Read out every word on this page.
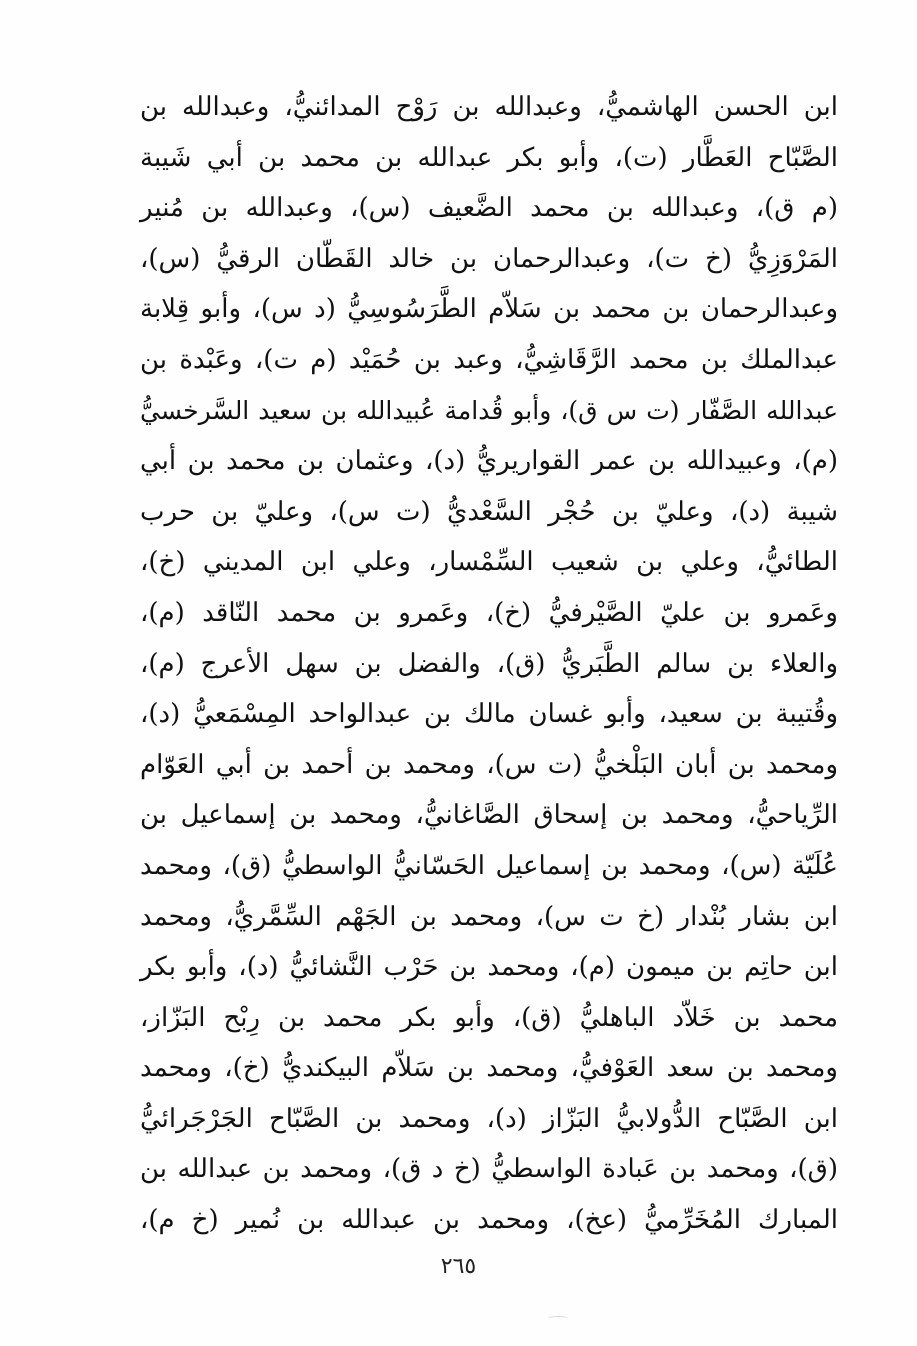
ابن الحسن الهاشميُّ، وعبدالله بن رَوْح المدائنيُّ، وعبدالله بن
الصَّبّاح العَطَّار (ت)، وأبو بكر عبدالله بن محمد بن أبي شَيبة
(م ق)، وعبدالله بن محمد الضَّعيف (س)، وعبدالله بن مُنير
المَرْوَزِيُّ (خ ت)، وعبدالرحمان بن خالد القَطّان الرقيُّ (س)،
وعبدالرحمان بن محمد بن سَلاّم الطَّرَسُوسِيُّ (د س)، وأبو قِلابة
عبدالملك بن محمد الرَّقَاشِيُّ، وعبد بن حُمَيْد (م ت)، وعَبْدة بن
عبدالله الصَّفّار (ت س ق)، وأبو قُدامة عُبيدالله بن سعيد السَّرخسيُّ
(م)، وعبيدالله بن عمر القواريريُّ (د)، وعثمان بن محمد بن أبي
شيبة (د)، وعليّ بن حُجْر السَّعْديُّ (ت س)، وعليّ بن حرب
الطائيُّ، وعلي بن شعيب السِّمْسار، وعلي ابن المديني (خ)،
وعَمرو بن عليّ الصَّيْرفيُّ (خ)، وعَمرو بن محمد النّاقد (م)،
والعلاء بن سالم الطَّبَريُّ (ق)، والفضل بن سهل الأعرج (م)،
وقُتيبة بن سعيد، وأبو غسان مالك بن عبدالواحد المِسْمَعيُّ (د)،
ومحمد بن أبان البَلْخيُّ (ت س)، ومحمد بن أحمد بن أبي العَوّام
الرِّياحيُّ، ومحمد بن إسحاق الصَّاغانيُّ، ومحمد بن إسماعيل بن
عُلَيّة (س)، ومحمد بن إسماعيل الحَسّانيُّ الواسطيُّ (ق)، ومحمد
ابن بشار بُنْدار (خ ت س)، ومحمد بن الجَهْم السِّمَّريُّ، ومحمد
ابن حاتِم بن ميمون (م)، ومحمد بن حَرْب النَّشائيُّ (د)، وأبو بكر
محمد بن خَلاّد الباهليُّ (ق)، وأبو بكر محمد بن رِبْح البَزّاز،
ومحمد بن سعد العَوْفيُّ، ومحمد بن سَلاّم البيكنديُّ (خ)، ومحمد
ابن الصَّبّاح الدُّولابيُّ البَزّاز (د)، ومحمد بن الصَّبّاح الجَرْجَرائيُّ
(ق)، ومحمد بن عَبادة الواسطيُّ (خ د ق)، ومحمد بن عبدالله بن
المبارك المُخَرِّميُّ (عخ)، ومحمد بن عبدالله بن نُمير (خ م)،
٢٦٥
